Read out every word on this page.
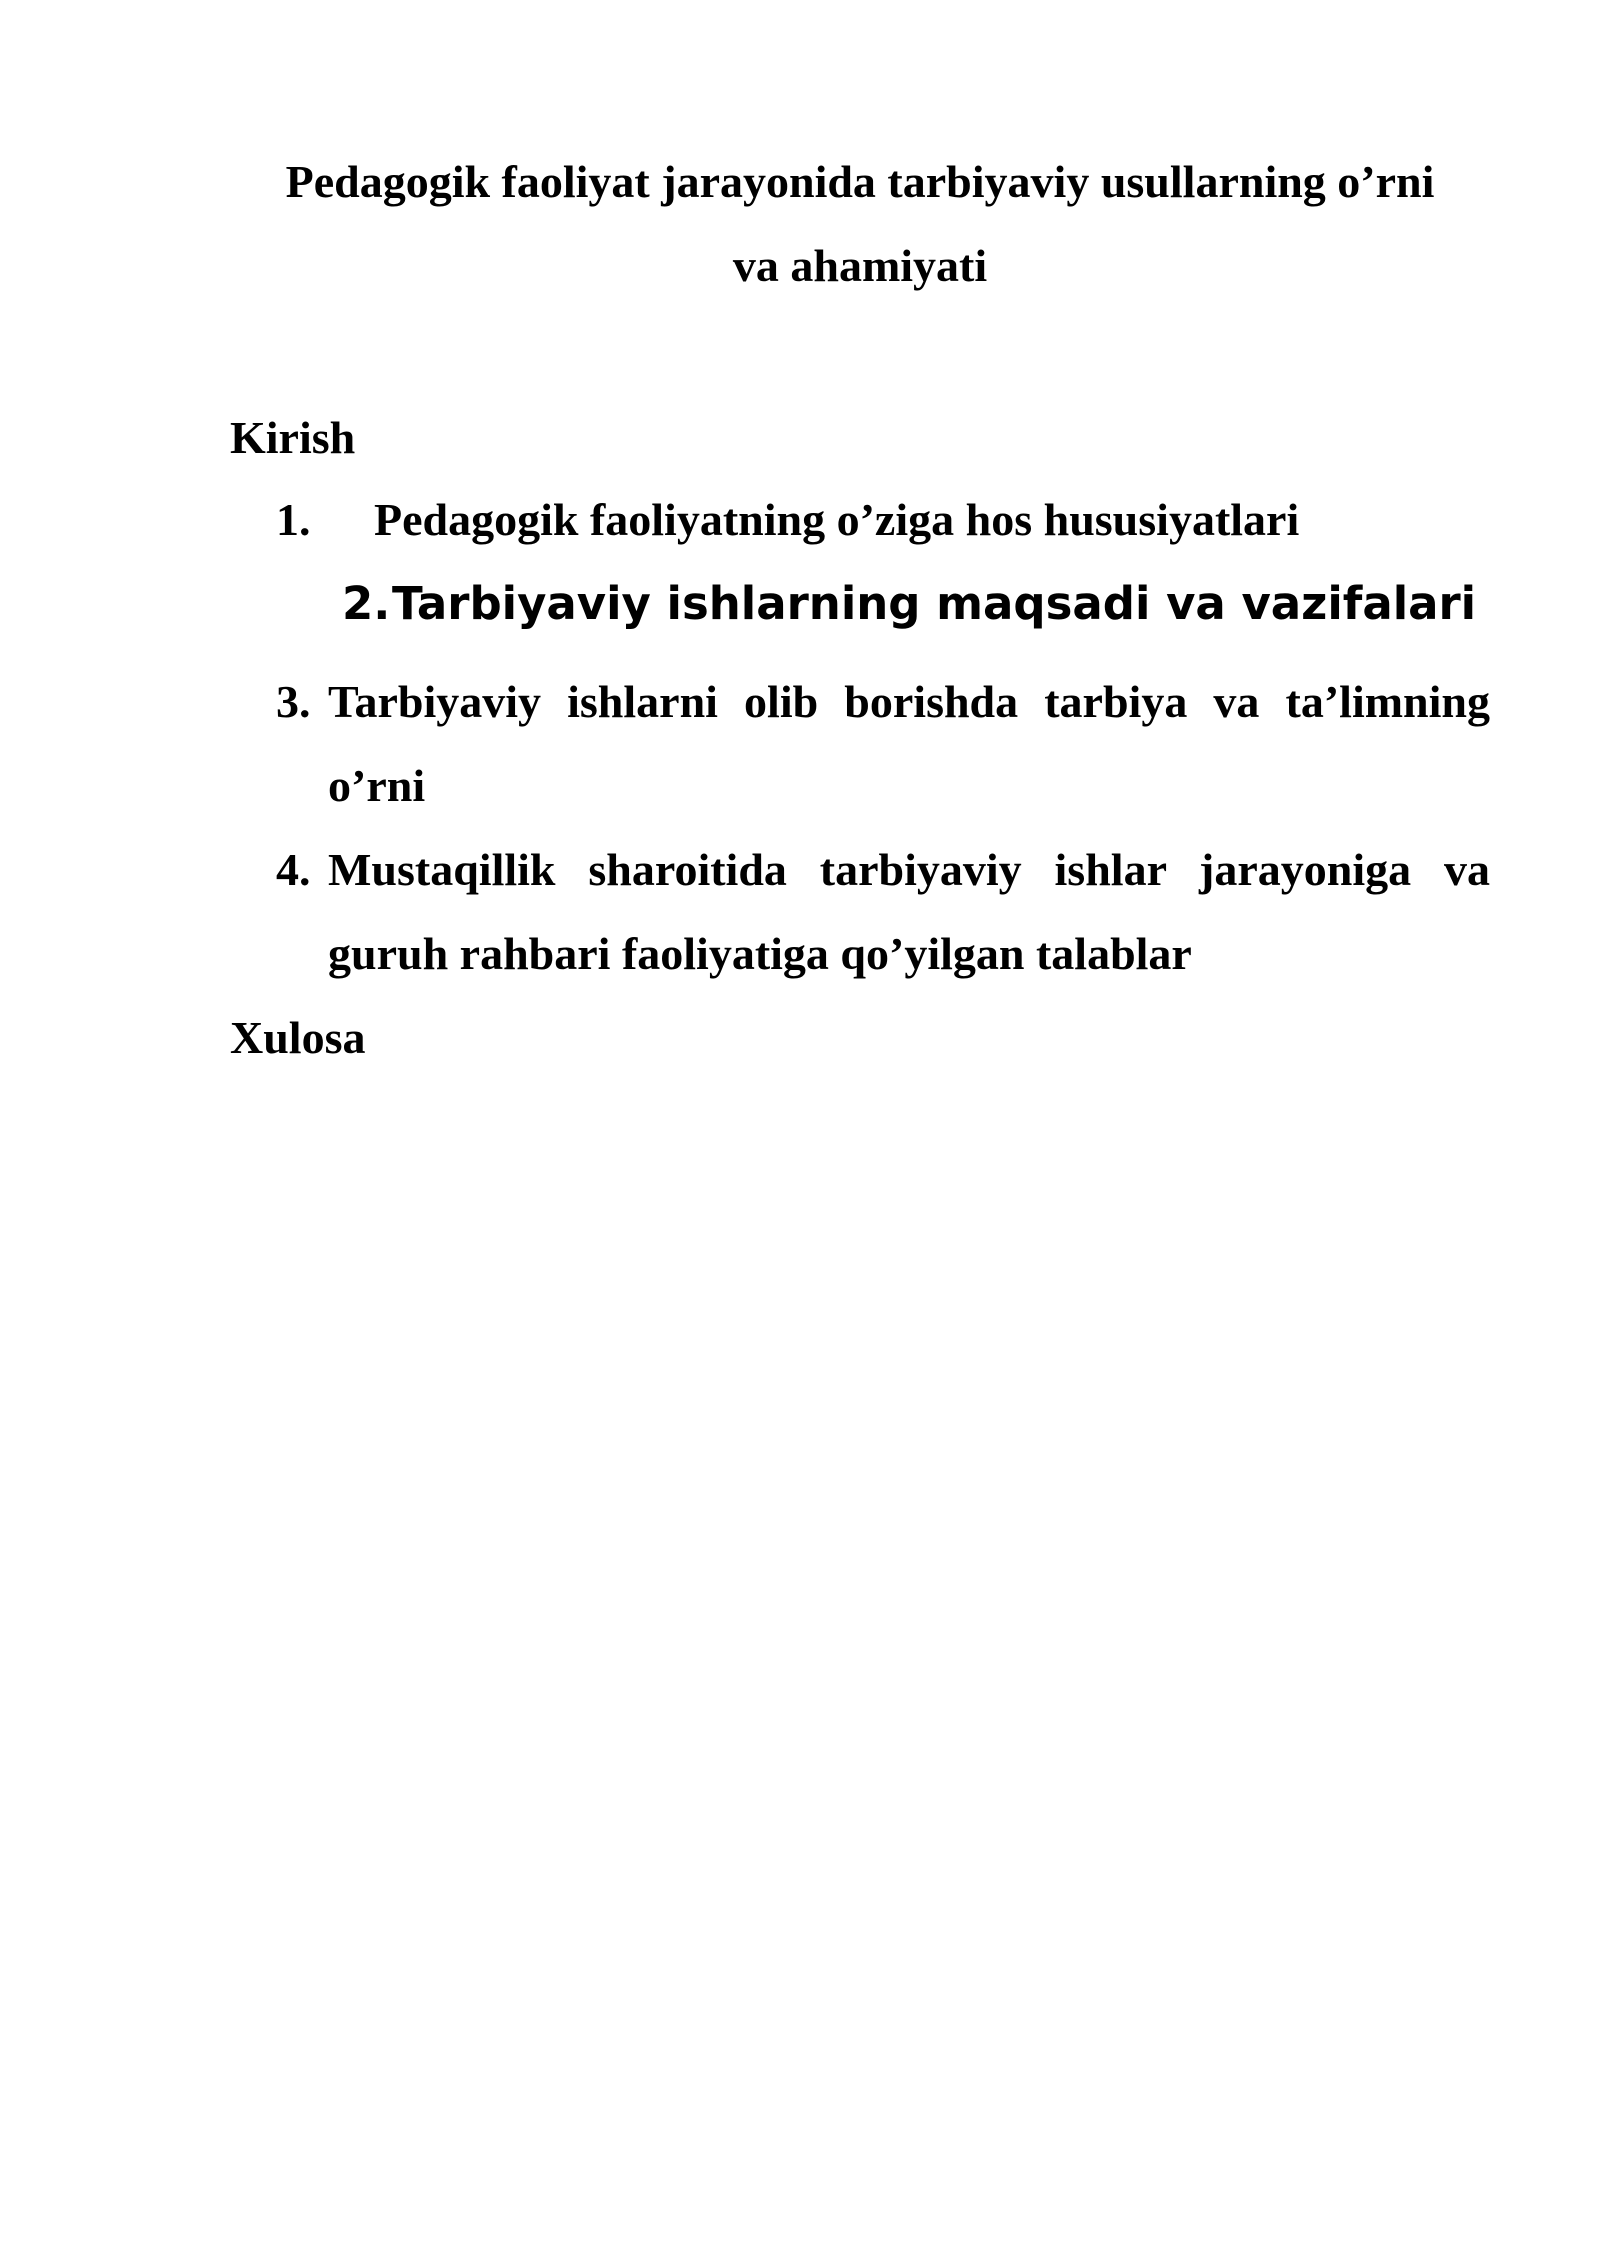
Pedagogik faoliyat jarayonida tarbiyaviy usullarning o’rni
va ahamiyati
Kirish
1. Pedagogik faoliyatning o’ziga hos hususiyatlari
2.Tarbiyaviy ishlarning maqsadi va vazifalari
3. Tarbiyaviy ishlarni olib borishda tarbiya va ta’limning
o’rni
4. Mustaqillik sharoitida tarbiyaviy ishlar jarayoniga va
guruh rahbari faoliyatiga qo’yilgan talablar
Xulosa
